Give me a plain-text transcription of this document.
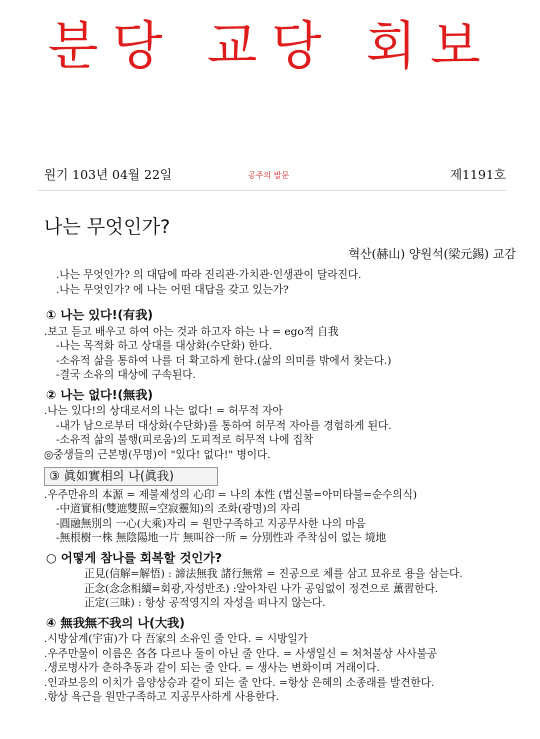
분당 교당 회보
원기 103년 04월 22일	공주의 발문	제1191호
나는 무엇인가?
혁산(赫山) 양원석(梁元錫) 교감
.나는 무엇인가? 의 대답에 따라 진리관·가치관·인생관이 달라진다.
.나는 무엇인가? 에 나는 어떤 대답을 갖고 있는가?
① 나는 있다!(有我)
.보고 듣고 배우고 하여 아는 것과 하고자 하는 나 = ego적 自我
-나는 목적화 하고 상대를 대상화(수단화) 한다.
-소유적 삶을 통하여 나를 더 확고하게 한다.(삶의 의미를 밖에서 찾는다.)
-결국 소유의 대상에 구속된다.
② 나는 없다!(無我)
.나는 있다!의 상대로서의 나는 없다! = 허무적 자아
-내가 남으로부터 대상화(수단화)를 통하여 허무적 자아를 경험하게 된다.
-소유적 삶의 불행(피로움)의 도피적로 허무적 나에 집착
◎중생들의 근본병(무명)이 "있다! 없다!" 병이다.
③ 眞如實相의 나(眞我)
.우주만유의 本源 = 제불제성의 心印 = 나의 本性 (법신불=아미타불=순수의식)
-中道實相(雙遮雙照=空寂靈知)의 조화(광명)의 자리
-圓融無別의 一心(大乘)자리 = 원만구족하고 지공무사한 나의 마음
-無根樹一株 無陰陽地一片 無叫谷一所 = 分別性과 주착심이 없는 境地
○ 어떻게 참나를 회복할 것인가?
正見(信解=解悟) : 諦法無我 諸行無常 = 진공으로 체를 삼고 묘유로 용을 삼는다.
正念(念念相續=회광,자성반조) :알아차린 나가 공임없이 정견으로 薰習한다.
正定(三昧) : 항상 공적영지의 자성을 떠나지 않는다.
④ 無我無不我의 나(大我)
.시방삼계(宇宙)가 다 吾家의 소유인 줄 안다. = 시방일가
.우주만물이 이름은 各各 다르나 둘이 아닌 줄 안다. = 사생일신 = 처처불상 사사불공
.생로병사가 춘하추동과 같이 되는 줄 안다. = 생사는 변화이며 거래이다.
.인과보응의 이치가 음양상승과 같이 되는 줄 안다. =항상 은혜의 소종래를 발견한다.
.항상 욕근을 원만구족하고 지공무사하게 사용한다.
